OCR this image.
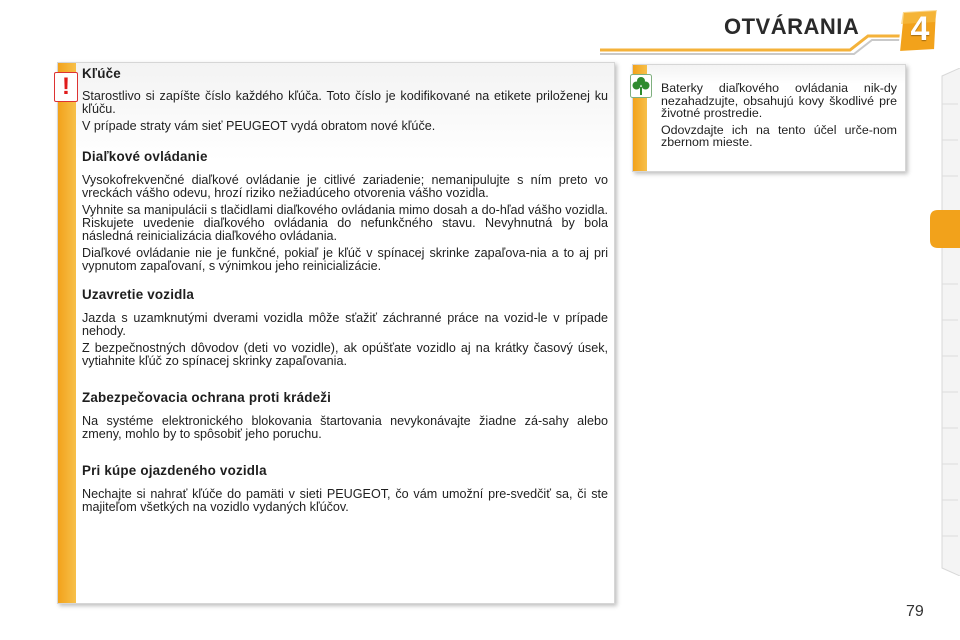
OTVÁRANIA 4
! Kľúče

Starostlivo si zapíšte číslo každého kľúča. Toto číslo je kodifikované na etikete priloženej ku kľúču.

V prípade straty vám sieť PEUGEOT vydá obratom nové kľúče.

Diaľkové ovládanie

Vysokofrekvenčné diaľkové ovládanie je citlivé zariadenie; nemanipulujte s ním preto vo vreckách vášho odevu, hrozí riziko nežiadúceho otvorenia vášho vozidla.

Vyhnite sa manipulácii s tlačidlami diaľkového ovládania mimo dosah a do-hľad vášho vozidla. Riskujete uvedenie diaľkového ovládania do nefunkčného stavu. Nevyhnutná by bola následná reinicializácia diaľkového ovládania.

Diaľkové ovládanie nie je funkčné, pokiaľ je kľúč v spínacej skrinke zapaľova-nia a to aj pri vypnutom zapaľovaní, s výnimkou jeho reinicializácie.

Uzavretie vozidla

Jazda s uzamknutými dverami vozidla môže sťažiť záchranné práce na vozid-le v prípade nehody.

Z bezpečnostných dôvodov (deti vo vozidle), ak opúšťate vozidlo aj na krátky časový úsek, vytiahnite kľúč zo spínacej skrinky zapaľovania.

Zabezpečovacia ochrana proti krádeži

Na systéme elektronického blokovania štartovania nevykonávajte žiadne zá-sahy alebo zmeny, mohlo by to spôsobiť jeho poruchu.

Pri kúpe ojazdeného vozidla

Nechajte si nahrať kľúče do pamäti v sieti PEUGEOT, čo vám umožní pre-svedčiť sa, či ste majiteľom všetkých na vozidlo vydaných kľúčov.

Baterky diaľkového ovládania nik-dy nezahadzujte, obsahujú kovy škodlivé pre životné prostredie.

Odovzdajte ich na tento účel urče-nom zbernom mieste.

79
